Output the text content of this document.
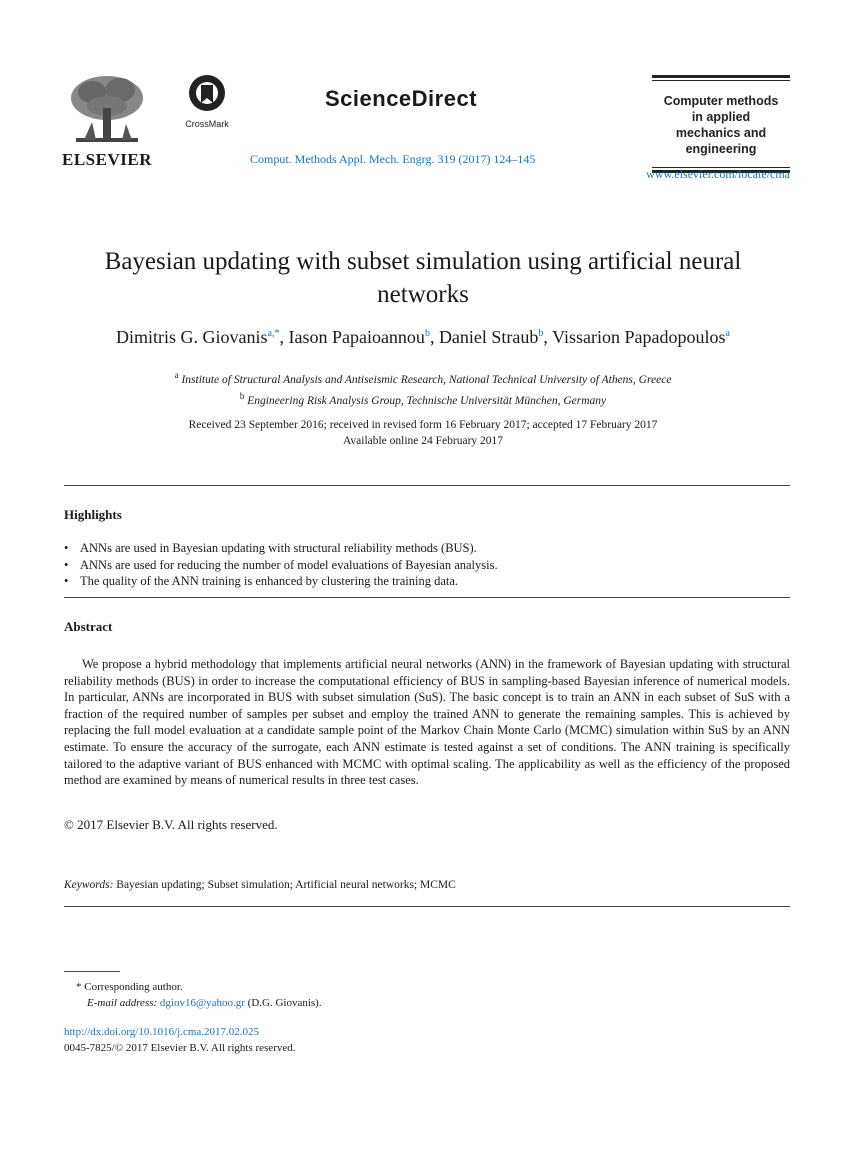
ELSEVIER
CrossMark
ScienceDirect
Comput. Methods Appl. Mech. Engrg. 319 (2017) 124–145
Computer methods
in applied
mechanics and
engineering
www.elsevier.com/locate/cma
Bayesian updating with subset simulation using artificial neural networks
Dimitris G. Giovanis$^{a,*}$, Iason Papaioannou$^b$, Daniel Straub$^b$, Vissarion Papadopoulos$^a$
$^a$ Institute of Structural Analysis and Antiseismic Research, National Technical University of Athens, Greece
$^b$ Engineering Risk Analysis Group, Technische Universität München, Germany
Received 23 September 2016; received in revised form 16 February 2017; accepted 17 February 2017
Available online 24 February 2017
Highlights
• ANNs are used in Bayesian updating with structural reliability methods (BUS).
• ANNs are used for reducing the number of model evaluations of Bayesian analysis.
• The quality of the ANN training is enhanced by clustering the training data.
Abstract
We propose a hybrid methodology that implements artificial neural networks (ANN) in the framework of Bayesian updating with structural reliability methods (BUS) in order to increase the computational efficiency of BUS in sampling-based Bayesian inference of numerical models. In particular, ANNs are incorporated in BUS with subset simulation (SuS). The basic concept is to train an ANN in each subset of SuS with a fraction of the required number of samples per subset and employ the trained ANN to generate the remaining samples. This is achieved by replacing the full model evaluation at a candidate sample point of the Markov Chain Monte Carlo (MCMC) simulation within SuS by an ANN estimate. To ensure the accuracy of the surrogate, each ANN estimate is tested against a set of conditions. The ANN training is specifically tailored to the adaptive variant of BUS enhanced with MCMC with optimal scaling. The applicability as well as the efficiency of the proposed method are examined by means of numerical results in three test cases.
© 2017 Elsevier B.V. All rights reserved.
Keywords: Bayesian updating; Subset simulation; Artificial neural networks; MCMC
* Corresponding author.
E-mail address: dgiov16@yahoo.gr (D.G. Giovanis).
http://dx.doi.org/10.1016/j.cma.2017.02.025
0045-7825/© 2017 Elsevier B.V. All rights reserved.
